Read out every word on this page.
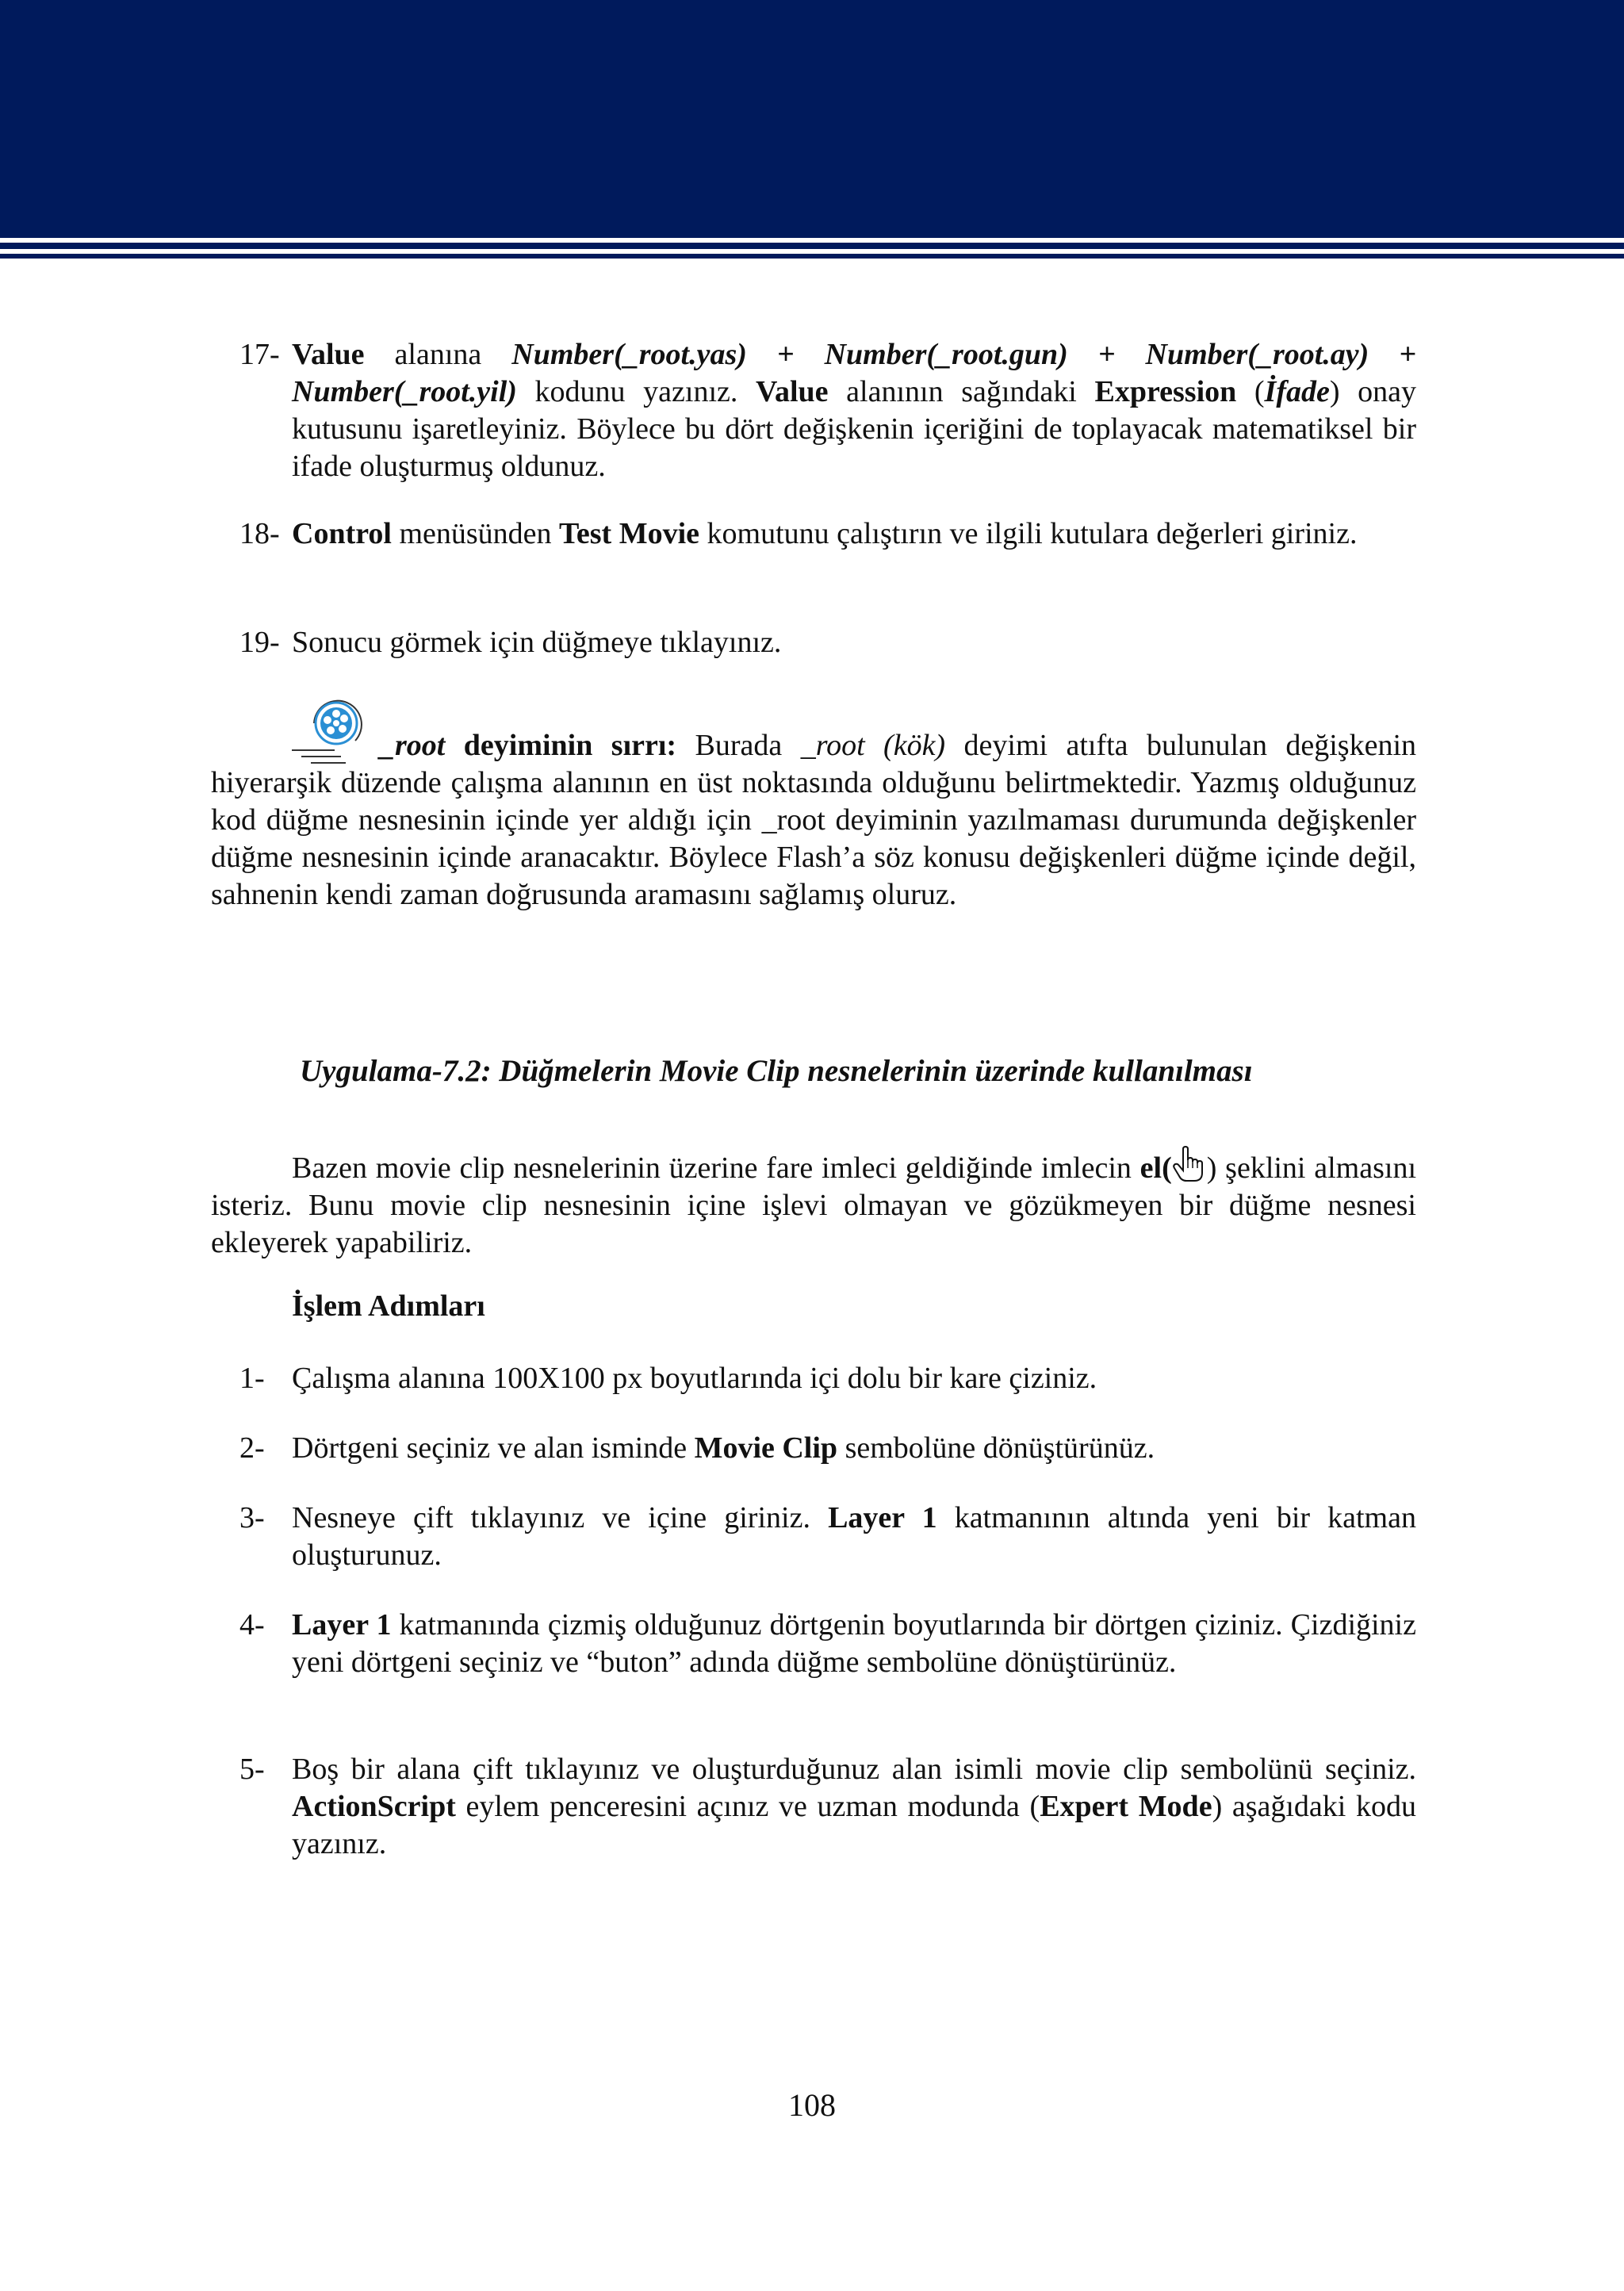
17- Value alanına Number(_root.yas) + Number(_root.gun) + Number(_root.ay) + Number(_root.yil) kodunu yazınız. Value alanının sağındaki Expression (İfade) onay kutusunu işaretleyiniz. Böylece bu dört değişkenin içeriğini de toplayacak matematiksel bir ifade oluşturmuş oldunuz.
18- Control menüsünden Test Movie komutunu çalıştırın ve ilgili kutulara değerleri giriniz.
19- Sonucu görmek için düğmeye tıklayınız.
_root deyiminin sırrı: Burada _root (kök) deyimi atıfta bulunulan değişkenin hiyerarşik düzende çalışma alanının en üst noktasında olduğunu belirtmektedir. Yazmış olduğunuz kod düğme nesnesinin içinde yer aldığı için _root deyiminin yazılmaması durumunda değişkenler düğme nesnesinin içinde aranacaktır. Böylece Flash’a söz konusu değişkenleri düğme içinde değil, sahnenin kendi zaman doğrusunda aramasını sağlamış oluruz.
Uygulama-7.2: Düğmelerin Movie Clip nesnelerinin üzerinde kullanılması
Bazen movie clip nesnelerinin üzerine fare imleci geldiğinde imlecin el( ) şeklini almasını isteriz. Bunu movie clip nesnesinin içine işlevi olmayan ve gözükmeyen bir düğme nesnesi ekleyerek yapabiliriz.
İşlem Adımları
1- Çalışma alanına 100X100 px boyutlarında içi dolu bir kare çiziniz.
2- Dörtgeni seçiniz ve alan isminde Movie Clip sembolüne dönüştürünüz.
3- Nesneye çift tıklayınız ve içine giriniz. Layer 1 katmanının altında yeni bir katman oluşturunuz.
4- Layer 1 katmanında çizmiş olduğunuz dörtgenin boyutlarında bir dörtgen çiziniz. Çizdiğiniz yeni dörtgeni seçiniz ve “buton” adında düğme sembolüne dönüştürünüz.
5- Boş bir alana çift tıklayınız ve oluşturduğunuz alan isimli movie clip sembolünü seçiniz. ActionScript eylem penceresini açınız ve uzman modunda (Expert Mode) aşağıdaki kodu yazınız.
108
